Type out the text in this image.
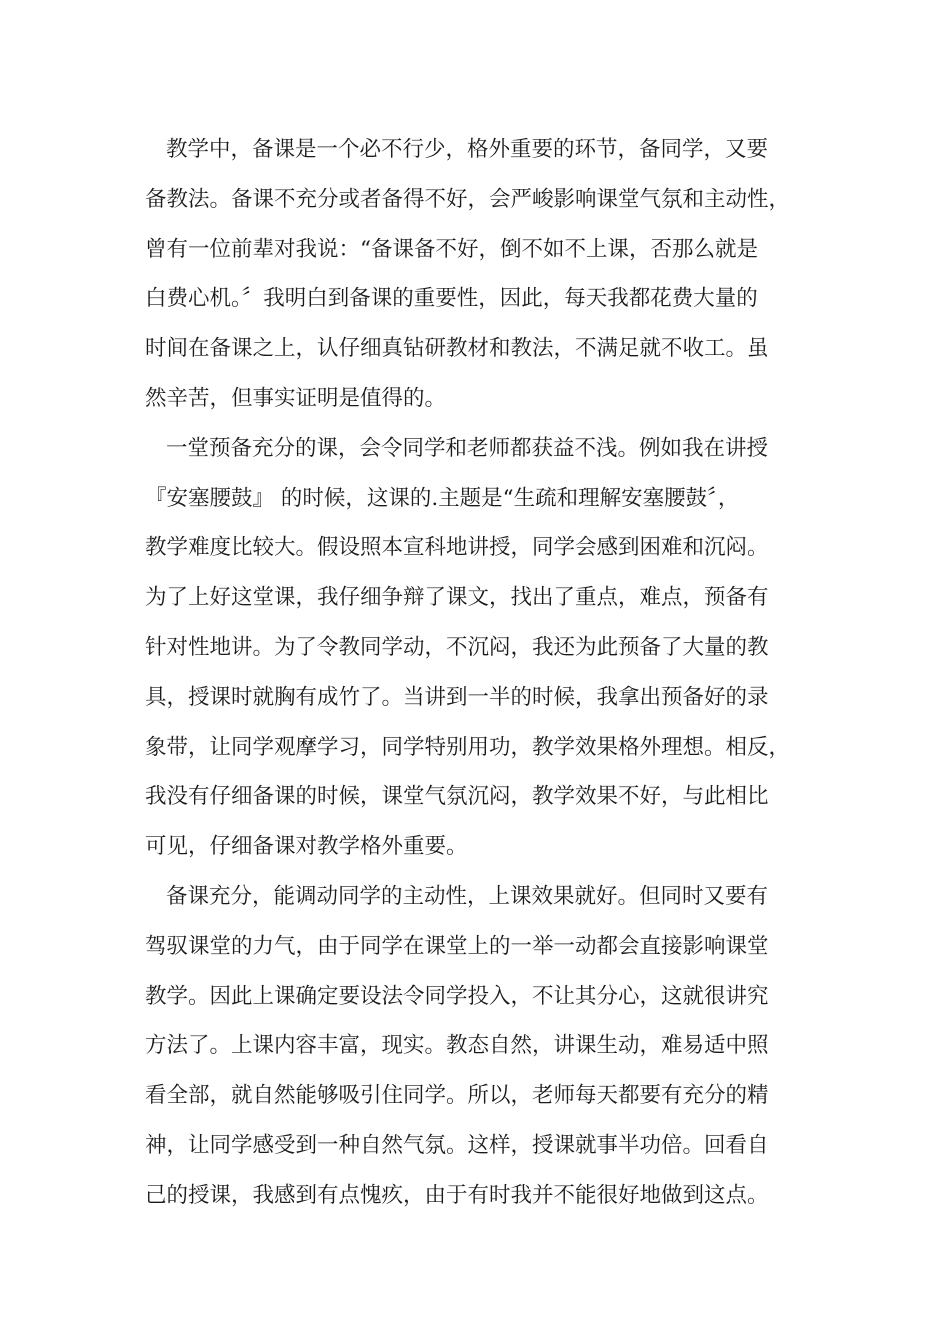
教学中，备课是一个必不行少，格外重要的环节，备同学，又要
备教法。备课不充分或者备得不好，会严峻影响课堂气氛和主动性，
曾有一位前辈对我说：“备课备不好，倒不如不上课，否那么就是
白费心机。〞我明白到备课的重要性，因此，每天我都花费大量的
时间在备课之上，认仔细真钻研教材和教法，不满足就不收工。虽
然辛苦，但事实证明是值得的。
一堂预备充分的课，会令同学和老师都获益不浅。例如我在讲授
『安塞腰鼓』 的时候，这课的.主题是“生疏和理解安塞腰鼓〞，
教学难度比较大。假设照本宣科地讲授，同学会感到困难和沉闷。
为了上好这堂课，我仔细争辩了课文，找出了重点，难点，预备有
针对性地讲。为了令教同学动，不沉闷，我还为此预备了大量的教
具，授课时就胸有成竹了。当讲到一半的时候，我拿出预备好的录
象带，让同学观摩学习，同学特别用功，教学效果格外理想。相反，
我没有仔细备课的时候，课堂气氛沉闷，教学效果不好，与此相比
可见，仔细备课对教学格外重要。
备课充分，能调动同学的主动性，上课效果就好。但同时又要有
驾驭课堂的力气，由于同学在课堂上的一举一动都会直接影响课堂
教学。因此上课确定要设法令同学投入，不让其分心，这就很讲究
方法了。上课内容丰富，现实。教态自然，讲课生动，难易适中照
看全部，就自然能够吸引住同学。所以，老师每天都要有充分的精
神，让同学感受到一种自然气氛。这样，授课就事半功倍。回看自
己的授课，我感到有点愧疚，由于有时我并不能很好地做到这点。
